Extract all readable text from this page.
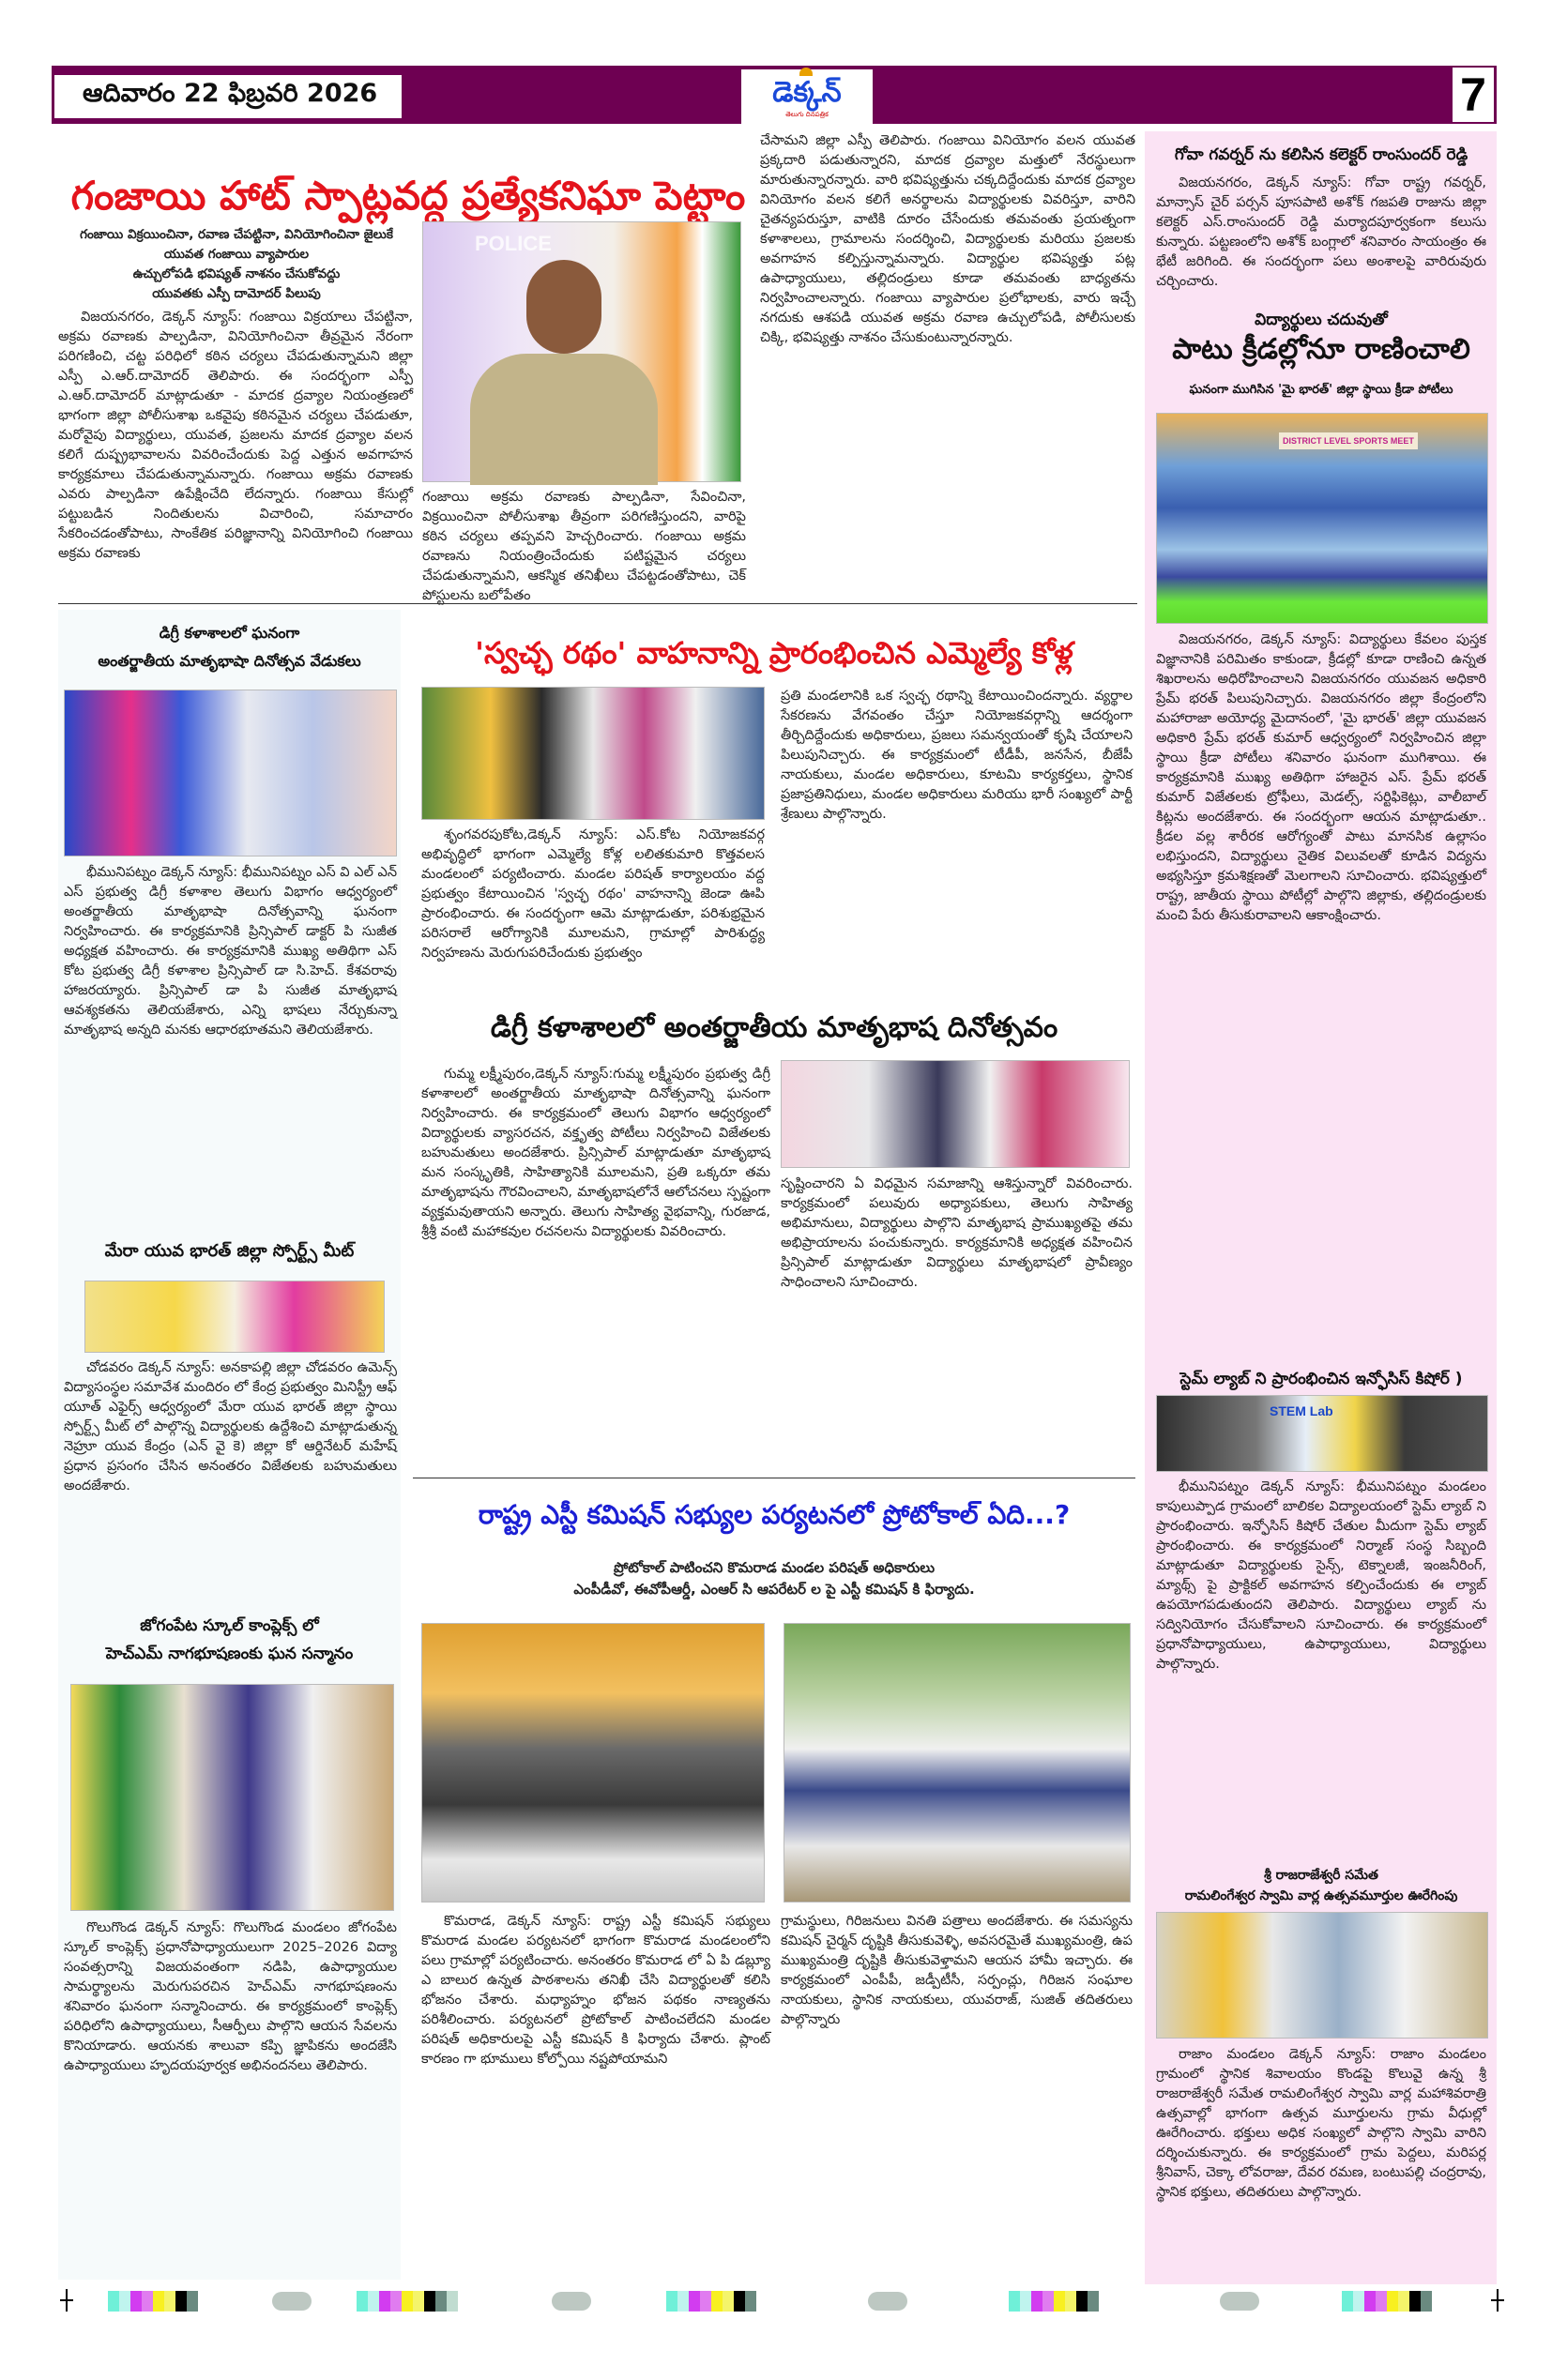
ఆదివారం 22 ఫిబ్రవరి 2026	డెక్కన్
తెలుగు దినపత్రిక	7
గంజాయి హాట్ స్పాట్లవద్ద ప్రత్యేకనిఘా పెట్టాం
గంజాయి విక్రయించినా, రవాణ చేపట్టినా, వినియోగించినా జైలుకే
యువత గంజాయి వ్యాపారుల
ఉచ్చులోపడి భవిష్యత్ నాశనం చేసుకోవద్దు
యువతకు ఎస్పీ దామోదర్ పిలుపు
విజయనగరం, డెక్కన్ న్యూస్: గంజాయి విక్రయాలు చేపట్టినా, అక్రమ రవాణకు పాల్పడినా, వినియోగించినా తీవ్రమైన నేరంగా పరిగణించి, చట్ట పరిధిలో కఠిన చర్యలు చేపడుతున్నామని జిల్లా ఎస్పీ ఎ.ఆర్.దామోదర్ తెలిపారు. ఈ సందర్భంగా ఎస్పీ ఎ.ఆర్.దామోదర్ మాట్లాడుతూ - మాదక ద్రవ్యాల నియంత్రణలో భాగంగా జిల్లా పోలీసుశాఖ ఒకవైపు కఠినమైన చర్యలు చేపడుతూ, మరోవైపు విద్యార్థులు, యువత, ప్రజలను మాదక ద్రవ్యాల వలన కలిగే దుష్ప్రభావాలను వివరించేందుకు పెద్ద ఎత్తున అవగాహన కార్యక్రమాలు చేపడుతున్నామన్నారు. గంజాయి అక్రమ రవాణకు ఎవరు పాల్పడినా ఉపేక్షించేది లేదన్నారు. గంజాయి కేసుల్లో పట్టుబడిన నిందితులను విచారించి, సమాచారం సేకరించడంతోపాటు, సాంకేతిక పరిజ్ఞానాన్ని వినియోగించి గంజాయి అక్రమ రవాణకు
POLICE
గంజాయి అక్రమ రవాణకు పాల్పడినా, సేవించినా, విక్రయించినా పోలీసుశాఖ తీవ్రంగా పరిగణిస్తుందని, వారిపై కఠిన చర్యలు తప్పవని హెచ్చరించారు. గంజాయి అక్రమ రవాణను నియంత్రించేందుకు పటిష్టమైన చర్యలు చేపడుతున్నామని, ఆకస్మిక తనిఖీలు చేపట్టడంతోపాటు, చెక్ పోస్టులను బలోపేతం
చేసామని జిల్లా ఎస్పీ తెలిపారు. గంజాయి వినియోగం వలన యువత ప్రక్కదారి పడుతున్నారని, మాదక ద్రవ్యాల మత్తులో నేరస్థులుగా మారుతున్నారన్నారు. వారి భవిష్యత్తును చక్కదిద్దేందుకు మాదక ద్రవ్యాల వినియోగం వలన కలిగే అనర్థాలను విద్యార్థులకు వివరిస్తూ, వారిని చైతన్యపరుస్తూ, వాటికి దూరం చేసేందుకు తమవంతు ప్రయత్నంగా కళాశాలలు, గ్రామాలను సందర్శించి, విద్యార్థులకు మరియు ప్రజలకు అవగాహన కల్పిస్తున్నామన్నారు. విద్యార్థుల భవిష్యత్తు పట్ల ఉపాధ్యాయులు, తల్లిదండ్రులు కూడా తమవంతు బాధ్యతను నిర్వహించాలన్నారు. గంజాయి వ్యాపారుల ప్రలోభాలకు, వారు ఇచ్చే నగదుకు ఆశపడి యువత అక్రమ రవాణ ఉచ్చులోపడి, పోలీసులకు చిక్కి, భవిష్యత్తు నాశనం చేసుకుంటున్నారన్నారు.
గోవా గవర్నర్ ను కలిసిన కలెక్టర్ రాంసుందర్ రెడ్డి
విజయనగరం, డెక్కన్ న్యూస్: గోవా రాష్ట్ర గవర్నర్, మాన్సాస్ చైర్ పర్సన్ పూసపాటి అశోక్ గజపతి రాజును జిల్లా కలెక్టర్ ఎస్.రాంసుందర్ రెడ్డి మర్యాదపూర్వకంగా కలుసు కున్నారు. పట్టణంలోని అశోక్ బంగ్లాలో శనివారం సాయంత్రం ఈ భేటీ జరిగింది. ఈ సందర్భంగా పలు అంశాలపై వారిరువురు చర్చించారు.
విద్యార్థులు చదువుతో
పాటు క్రీడల్లోనూ రాణించాలి
ఘనంగా ముగిసిన 'మై భారత్' జిల్లా స్థాయి క్రీడా పోటీలు
DISTRICT LEVEL SPORTS MEET
విజయనగరం, డెక్కన్ న్యూస్: విద్యార్థులు కేవలం పుస్తక విజ్ఞానానికి పరిమితం కాకుండా, క్రీడల్లో కూడా రాణించి ఉన్నత శిఖరాలను అధిరోహించాలని విజయనగరం యువజన అధికారి ప్రేమ్ భరత్ పిలుపునిచ్చారు. విజయనగరం జిల్లా కేంద్రంలోని మహారాజా అయోధ్య మైదానంలో, 'మై భారత్' జిల్లా యువజన అధికారి ప్రేమ్ భరత్ కుమార్ ఆధ్వర్యంలో నిర్వహించిన జిల్లా స్థాయి క్రీడా పోటీలు శనివారం ఘనంగా ముగిశాయి. ఈ కార్యక్రమానికి ముఖ్య అతిథిగా హాజరైన ఎస్. ప్రేమ్ భరత్ కుమార్ విజేతలకు ట్రోఫీలు, మెడల్స్, సర్టిఫికెట్లు, వాలీబాల్ కిట్లను అందజేశారు. ఈ సందర్భంగా ఆయన మాట్లాడుతూ.. క్రీడల వల్ల శారీరక ఆరోగ్యంతో పాటు మానసిక ఉల్లాసం లభిస్తుందని, విద్యార్థులు నైతిక విలువలతో కూడిన విద్యను అభ్యసిస్తూ క్రమశిక్షణతో మెలగాలని సూచించారు. భవిష్యత్తులో రాష్ట్ర, జాతీయ స్థాయి పోటీల్లో పాల్గొని జిల్లాకు, తల్లిదండ్రులకు మంచి పేరు తీసుకురావాలని ఆకాంక్షించారు.
స్టెమ్ ల్యాబ్ ని ప్రారంభించిన ఇన్ఫోసిస్ కిషోర్ )
STEM Lab
భీమునిపట్నం డెక్కన్ న్యూస్: భీమునిపట్నం మండలం కాపులుప్పాడ గ్రామంలో బాలికల విద్యాలయంలో స్టెమ్ ల్యాబ్ ని ప్రారంభించారు. ఇన్ఫోసిస్ కిషోర్ చేతుల మీదుగా స్టెమ్ ల్యాబ్ ప్రారంభించారు. ఈ కార్యక్రమంలో నిర్మాణ్ సంస్థ సిబ్బంది మాట్లాడుతూ విద్యార్థులకు సైన్స్, టెక్నాలజీ, ఇంజనీరింగ్, మ్యాథ్స్ పై ప్రాక్టికల్ అవగాహన కల్పించేందుకు ఈ ల్యాబ్ ఉపయోగపడుతుందని తెలిపారు. విద్యార్థులు ల్యాబ్ ను సద్వినియోగం చేసుకోవాలని సూచించారు. ఈ కార్యక్రమంలో ప్రధానోపాధ్యాయులు, ఉపాధ్యాయులు, విద్యార్థులు పాల్గొన్నారు.
శ్రీ రాజరాజేశ్వరీ సమేత
రామలింగేశ్వర స్వామి వార్ల ఉత్సవమూర్తుల ఊరేగింపు
రాజాం మండలం డెక్కన్ న్యూస్: రాజాం మండలం గ్రామంలో స్థానిక శివాలయం కొండపై కొలువై ఉన్న శ్రీ రాజరాజేశ్వరీ సమేత రామలింగేశ్వర స్వామి వార్ల మహాశివరాత్రి ఉత్సవాల్లో భాగంగా ఉత్సవ మూర్తులను గ్రామ వీధుల్లో ఊరేగించారు. భక్తులు అధిక సంఖ్యలో పాల్గొని స్వామి వారిని దర్శించుకున్నారు. ఈ కార్యక్రమంలో గ్రామ పెద్దలు, మరిపర్ల శ్రీనివాస్, చెక్కా లోవరాజు, దేవర రమణ, బంటుపల్లి చంద్రరావు, స్థానిక భక్తులు, తదితరులు పాల్గొన్నారు.
డిగ్రీ కళాశాలలో ఘనంగా
అంతర్జాతీయ మాతృభాషా దినోత్సవ వేడుకలు
భీమునిపట్నం డెక్కన్ న్యూస్: భీమునిపట్నం ఎస్ వి ఎల్ ఎన్ ఎస్ ప్రభుత్వ డిగ్రీ కళాశాల తెలుగు విభాగం ఆధ్వర్యంలో అంతర్జాతీయ మాతృభాషా దినోత్సవాన్ని ఘనంగా నిర్వహించారు. ఈ కార్యక్రమానికి ప్రిన్సిపాల్ డాక్టర్ పి సుజీత అధ్యక్షత వహించారు. ఈ కార్యక్రమానికి ముఖ్య అతిథిగా ఎస్ కోట ప్రభుత్వ డిగ్రీ కళాశాల ప్రిన్సిపాల్ డా సి.హెచ్. కేశవరావు హాజరయ్యారు. ప్రిన్సిపాల్ డా పి సుజీత మాతృభాష ఆవశ్యకతను తెలియజేశారు, ఎన్ని భాషలు నేర్చుకున్నా మాతృభాష అన్నది మనకు ఆధారభూతమని తెలియజేశారు.
మేరా యువ భారత్ జిల్లా స్పోర్ట్స్ మీట్
చోడవరం డెక్కన్ న్యూస్: అనకాపల్లి జిల్లా చోడవరం ఉమెన్స్ విద్యాసంస్థల సమావేశ మందిరం లో కేంద్ర ప్రభుత్వం మినిస్ట్రీ ఆఫ్ యూత్ ఎఫైర్స్ ఆధ్వర్యంలో మేరా యువ భారత్ జిల్లా స్థాయి స్పోర్ట్స్ మీట్ లో పాల్గొన్న విద్యార్థులకు ఉద్దేశించి మాట్లాడుతున్న నెహ్రూ యువ కేంద్రం (ఎన్ వై కె) జిల్లా కో ఆర్డినేటర్ మహేష్ ప్రధాన ప్రసంగం చేసిన అనంతరం విజేతలకు బహుమతులు అందజేశారు.
జోగంపేట స్కూల్ కాంప్లెక్స్ లో
హెచ్ఎమ్ నాగభూషణంకు ఘన సన్మానం
గొలుగొండ డెక్కన్ న్యూస్: గొలుగొండ మండలం జోగంపేట స్కూల్ కాంప్లెక్స్ ప్రధానోపాధ్యాయులుగా 2025–2026 విద్యా సంవత్సరాన్ని విజయవంతంగా నడిపి, ఉపాధ్యాయుల సామర్థ్యాలను మెరుగుపరచిన హెచ్ఎమ్ నాగభూషణంను శనివారం ఘనంగా సన్మానించారు. ఈ కార్యక్రమంలో కాంప్లెక్స్ పరిధిలోని ఉపాధ్యాయులు, సీఆర్పీలు పాల్గొని ఆయన సేవలను కొనియాడారు. ఆయనకు శాలువా కప్పి జ్ఞాపికను అందజేసి ఉపాధ్యాయులు హృదయపూర్వక అభినందనలు తెలిపారు.
'స్వచ్ఛ రథం' వాహనాన్ని ప్రారంభించిన ఎమ్మెల్యే కోళ్ల
శృంగవరపుకోట,డెక్కన్ న్యూస్: ఎస్.కోట నియోజకవర్గ అభివృద్ధిలో భాగంగా ఎమ్మెల్యే కోళ్ల లలితకుమారి కొత్తవలస మండలంలో పర్యటించారు. మండల పరిషత్ కార్యాలయం వద్ద ప్రభుత్వం కేటాయించిన 'స్వచ్ఛ రథం' వాహనాన్ని జెండా ఊపి ప్రారంభించారు. ఈ సందర్భంగా ఆమె మాట్లాడుతూ, పరిశుభ్రమైన పరిసరాలే ఆరోగ్యానికి మూలమని, గ్రామాల్లో పారిశుద్ధ్య నిర్వహణను మెరుగుపరిచేందుకు ప్రభుత్వం
ప్రతి మండలానికి ఒక స్వచ్ఛ రథాన్ని కేటాయించిందన్నారు. వ్యర్థాల సేకరణను వేగవంతం చేస్తూ నియోజకవర్గాన్ని ఆదర్శంగా తీర్చిదిద్దేందుకు అధికారులు, ప్రజలు సమన్వయంతో కృషి చేయాలని పిలుపునిచ్చారు. ఈ కార్యక్రమంలో టీడీపీ, జనసేన, బీజేపీ నాయకులు, మండల అధికారులు, కూటమి కార్యకర్తలు, స్థానిక ప్రజాప్రతినిధులు, మండల అధికారులు మరియు భారీ సంఖ్యలో పార్టీ శ్రేణులు పాల్గొన్నారు.
డిగ్రీ కళాశాలలో అంతర్జాతీయ మాతృభాష దినోత్సవం
గుమ్మ లక్ష్మీపురం,డెక్కన్ న్యూస్:గుమ్మ లక్ష్మీపురం ప్రభుత్వ డిగ్రీ కళాశాలలో అంతర్జాతీయ మాతృభాషా దినోత్సవాన్ని ఘనంగా నిర్వహించారు. ఈ కార్యక్రమంలో తెలుగు విభాగం ఆధ్వర్యంలో విద్యార్థులకు వ్యాసరచన, వక్తృత్వ పోటీలు నిర్వహించి విజేతలకు బహుమతులు అందజేశారు. ప్రిన్సిపాల్ మాట్లాడుతూ మాతృభాష మన సంస్కృతికి, సాహిత్యానికి మూలమని, ప్రతి ఒక్కరూ తమ మాతృభాషను గౌరవించాలని, మాతృభాషలోనే ఆలోచనలు స్పష్టంగా వ్యక్తమవుతాయని అన్నారు. తెలుగు సాహిత్య వైభవాన్ని, గురజాడ, శ్రీశ్రీ వంటి మహాకవుల రచనలను విద్యార్థులకు వివరించారు.
సృష్టించారని ఏ విధమైన సమాజాన్ని ఆశిస్తున్నారో వివరించారు. కార్యక్రమంలో పలువురు అధ్యాపకులు, తెలుగు సాహిత్య అభిమానులు, విద్యార్థులు పాల్గొని మాతృభాష ప్రాముఖ్యతపై తమ అభిప్రాయాలను పంచుకున్నారు. కార్యక్రమానికి అధ్యక్షత వహించిన ప్రిన్సిపాల్ మాట్లాడుతూ విద్యార్థులు మాతృభాషలో ప్రావీణ్యం సాధించాలని సూచించారు.
రాష్ట్ర ఎస్టీ కమిషన్ సభ్యుల పర్యటనలో ప్రోటోకాల్ ఏది...?
ప్రోటోకాల్ పాటించని కొమరాడ మండల పరిషత్ అధికారులు
ఎంపీడీవో, ఈవోపీఆర్డీ, ఎంఆర్ సి ఆపరేటర్ ల పై ఎస్టీ కమిషన్ కి ఫిర్యాదు.
కొమరాడ, డెక్కన్ న్యూస్: రాష్ట్ర ఎస్టీ కమిషన్ సభ్యులు కొమరాడ మండల పర్యటనలో భాగంగా కొమరాడ మండలంలోని పలు గ్రామాల్లో పర్యటించారు. అనంతరం కొమరాడ లో ఏ పి డబ్ల్యూ ఎ బాలుర ఉన్నత పాఠశాలను తనిఖీ చేసి విద్యార్థులతో కలిసి భోజనం చేశారు. మధ్యాహ్నం భోజన పథకం నాణ్యతను పరిశీలించారు. పర్యటనలో ప్రోటోకాల్ పాటించలేదని మండల పరిషత్ అధికారులపై ఎస్టీ కమిషన్ కి ఫిర్యాదు చేశారు. ప్లాంట్ కారణం గా భూములు కోల్పోయి నష్టపోయామని
గ్రామస్థులు, గిరిజనులు వినతి పత్రాలు అందజేశారు. ఈ సమస్యను కమిషన్ చైర్మన్ దృష్టికి తీసుకువెళ్ళి, అవసరమైతే ముఖ్యమంత్రి, ఉప ముఖ్యమంత్రి దృష్టికి తీసుకువెళ్తామని ఆయన హామీ ఇచ్చారు. ఈ కార్యక్రమంలో ఎంపీపీ, జడ్పీటీసీ, సర్పంచ్లు, గిరిజన సంఘాల నాయకులు, స్థానిక నాయకులు, యువరాజ్, సుజిత్ తదితరులు పాల్గొన్నారు
